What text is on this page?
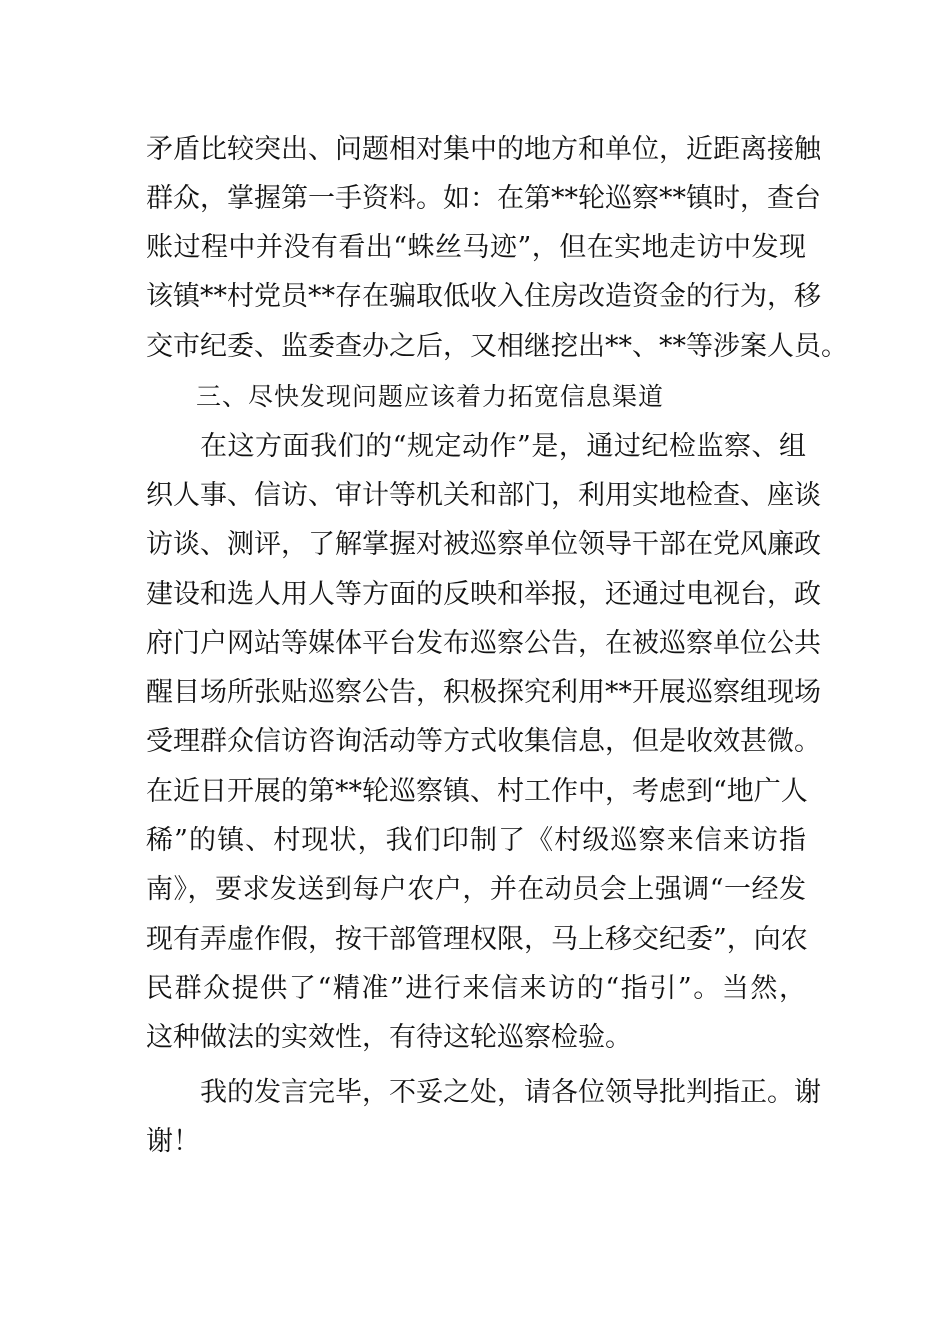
矛盾比较突出、问题相对集中的地方和单位，近距离接触
群众，掌握第一手资料。如：在第**轮巡察**镇时，查台
账过程中并没有看出“蛛丝马迹”，但在实地走访中发现
该镇**村党员**存在骗取低收入住房改造资金的行为，移
交市纪委、监委查办之后，又相继挖出**、**等涉案人员。
三、尽快发现问题应该着力拓宽信息渠道
在这方面我们的“规定动作”是，通过纪检监察、组
织人事、信访、审计等机关和部门，利用实地检查、座谈
访谈、测评，了解掌握对被巡察单位领导干部在党风廉政
建设和选人用人等方面的反映和举报，还通过电视台，政
府门户网站等媒体平台发布巡察公告，在被巡察单位公共
醒目场所张贴巡察公告，积极探究利用**开展巡察组现场
受理群众信访咨询活动等方式收集信息，但是收效甚微。
在近日开展的第**轮巡察镇、村工作中，考虑到“地广人
稀”的镇、村现状，我们印制了《村级巡察来信来访指
南》，要求发送到每户农户，并在动员会上强调“一经发
现有弄虚作假，按干部管理权限，马上移交纪委”，向农
民群众提供了“精准”进行来信来访的“指引”。当然，
这种做法的实效性，有待这轮巡察检验。
我的发言完毕，不妥之处，请各位领导批判指正。谢
谢！
